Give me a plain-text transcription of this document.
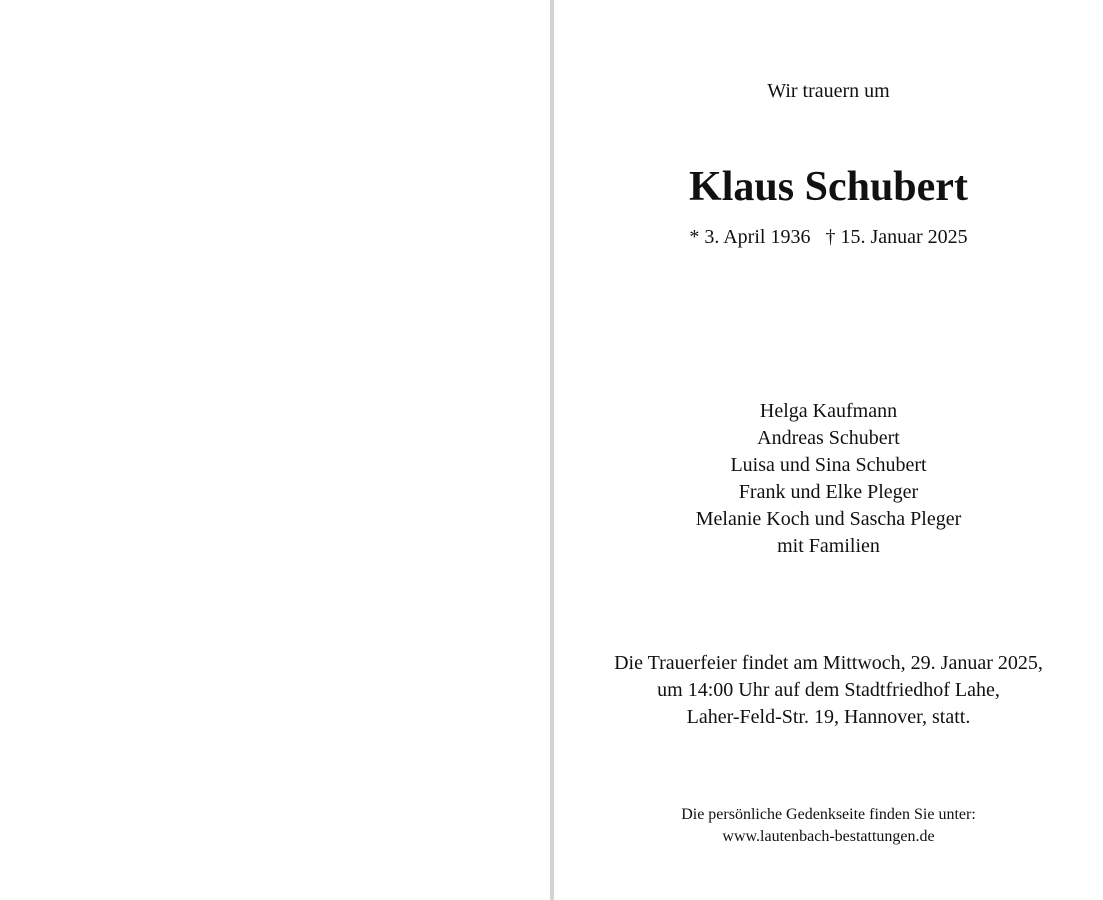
Wir trauern um
Klaus Schubert
* 3. April 1936 † 15. Januar 2025
Helga Kaufmann
Andreas Schubert
Luisa und Sina Schubert
Frank und Elke Pleger
Melanie Koch und Sascha Pleger
mit Familien
Die Trauerfeier findet am Mittwoch, 29. Januar 2025,
um 14:00 Uhr auf dem Stadtfriedhof Lahe,
Laher-Feld-Str. 19, Hannover, statt.
Die persönliche Gedenkseite finden Sie unter:
www.lautenbach-bestattungen.de
